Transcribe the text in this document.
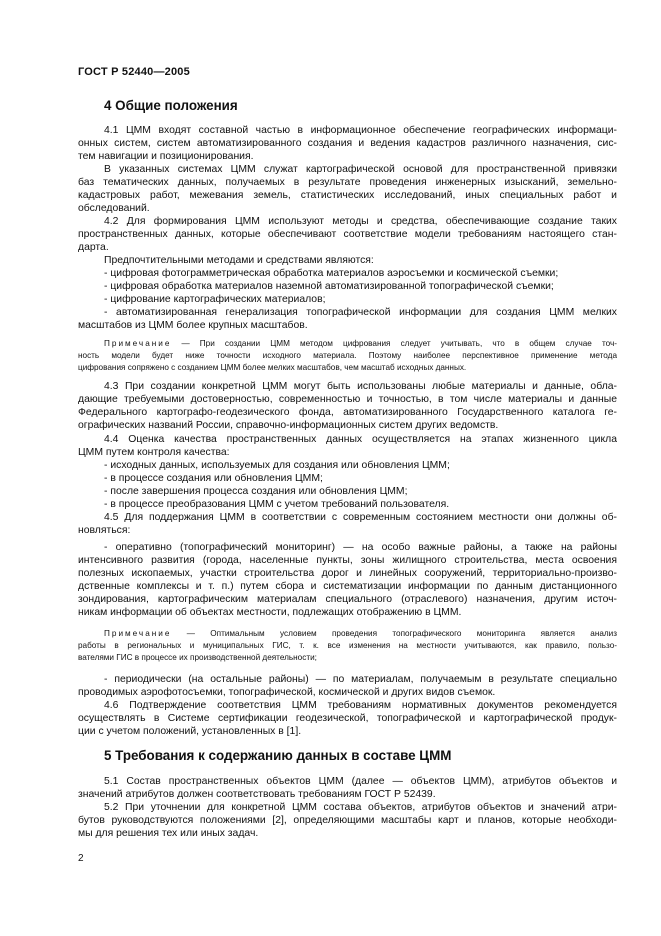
ГОСТ Р 52440—2005
4 Общие положения
4.1 ЦММ входят составной частью в информационное обеспечение географических информаци-
онных систем, систем автоматизированного создания и ведения кадастров различного назначения, сис-
тем навигации и позиционирования.
В указанных системах ЦММ служат картографической основой для пространственной привязки
баз тематических данных, получаемых в результате проведения инженерных изысканий, земельно-
кадастровых работ, межевания земель, статистических исследований, иных специальных работ и
обследований.
4.2 Для формирования ЦММ используют методы и средства, обеспечивающие создание таких
пространственных данных, которые обеспечивают соответствие модели требованиям настоящего стан-
дарта.
Предпочтительными методами и средствами являются:
- цифровая фотограмметрическая обработка материалов аэросъемки и космической съемки;
- цифровая обработка материалов наземной автоматизированной топографической съемки;
- цифрование картографических материалов;
- автоматизированная генерализация топографической информации для создания ЦММ мелких
масштабов из ЦММ более крупных масштабов.
Примечание — При создании ЦММ методом цифрования следует учитывать, что в общем случае точ-
ность модели будет ниже точности исходного материала. Поэтому наиболее перспективное применение метода
цифрования сопряжено с созданием ЦММ более мелких масштабов, чем масштаб исходных данных.
4.3 При создании конкретной ЦММ могут быть использованы любые материалы и данные, обла-
дающие требуемыми достоверностью, современностью и точностью, в том числе материалы и данные
Федерального картографо-геодезического фонда, автоматизированного Государственного каталога ге-
ографических названий России, справочно-информационных систем других ведомств.
4.4 Оценка качества пространственных данных осуществляется на этапах жизненного цикла
ЦММ путем контроля качества:
- исходных данных, используемых для создания или обновления ЦММ;
- в процессе создания или обновления ЦММ;
- после завершения процесса создания или обновления ЦММ;
- в процессе преобразования ЦММ с учетом требований пользователя.
4.5 Для поддержания ЦММ в соответствии с современным состоянием местности они должны об-
новляться:
- оперативно (топографический мониторинг) — на особо важные районы, а также на районы
интенсивного развития (города, населенные пункты, зоны жилищного строительства, места освоения
полезных ископаемых, участки строительства дорог и линейных сооружений, территориально-произво-
дственные комплексы и т. п.) путем сбора и систематизации информации по данным дистанционного
зондирования, картографическим материалам специального (отраслевого) назначения, другим источ-
никам информации об объектах местности, подлежащих отображению в ЦММ.
Примечание — Оптимальным условием проведения топографического мониторинга является анализ
работы в региональных и муниципальных ГИС, т. к. все изменения на местности учитываются, как правило, пользо-
вателями ГИС в процессе их производственной деятельности;
- периодически (на остальные районы) — по материалам, получаемым в результате специально
проводимых аэрофотосъемки, топографической, космической и других видов съемок.
4.6 Подтверждение соответствия ЦММ требованиям нормативных документов рекомендуется
осуществлять в Системе сертификации геодезической, топографической и картографической продук-
ции с учетом положений, установленных в [1].
5 Требования к содержанию данных в составе ЦММ
5.1 Состав пространственных объектов ЦММ (далее — объектов ЦММ), атрибутов объектов и
значений атрибутов должен соответствовать требованиям ГОСТ Р 52439.
5.2 При уточнении для конкретной ЦММ состава объектов, атрибутов объектов и значений атри-
бутов руководствуются положениями [2], определяющими масштабы карт и планов, которые необходи-
мы для решения тех или иных задач.
2
